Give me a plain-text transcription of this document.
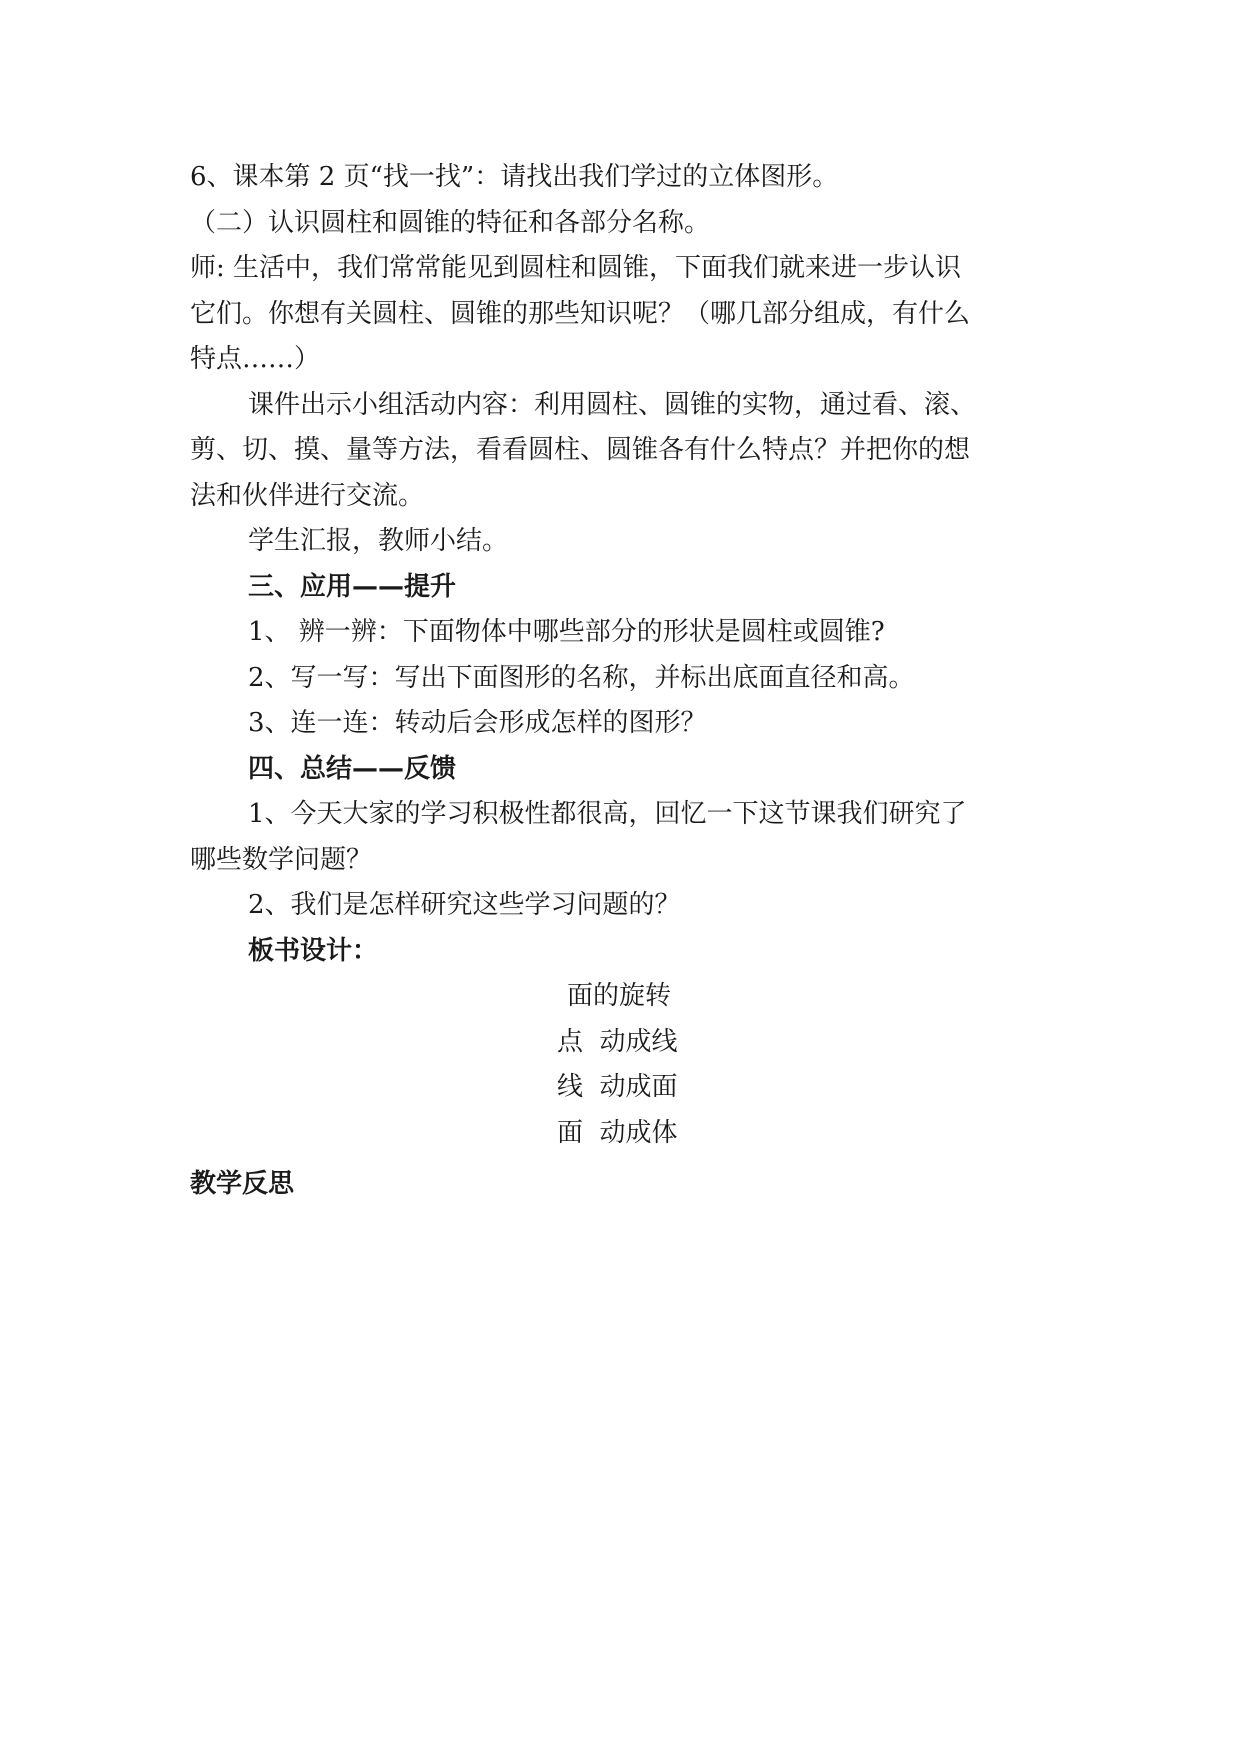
6、课本第 2 页“找一找”：请找出我们学过的立体图形。
（二）认识圆柱和圆锥的特征和各部分名称。
师: 生活中，我们常常能见到圆柱和圆锥，下面我们就来进一步认识
它们。你想有关圆柱、圆锥的那些知识呢？（哪几部分组成，有什么
特点……）
课件出示小组活动内容：利用圆柱、圆锥的实物，通过看、滚、
剪、切、摸、量等方法，看看圆柱、圆锥各有什么特点？并把你的想
法和伙伴进行交流。
学生汇报，教师小结。
三、应用——提升
1、 辨一辨：下面物体中哪些部分的形状是圆柱或圆锥?
2、写一写：写出下面图形的名称，并标出底面直径和高。
3、连一连：转动后会形成怎样的图形？
四、总结——反馈
1、今天大家的学习积极性都很高，回忆一下这节课我们研究了
哪些数学问题？
2、我们是怎样研究这些学习问题的？
板书设计：
面的旋转
点  动成线
线  动成面
面  动成体
教学反思
